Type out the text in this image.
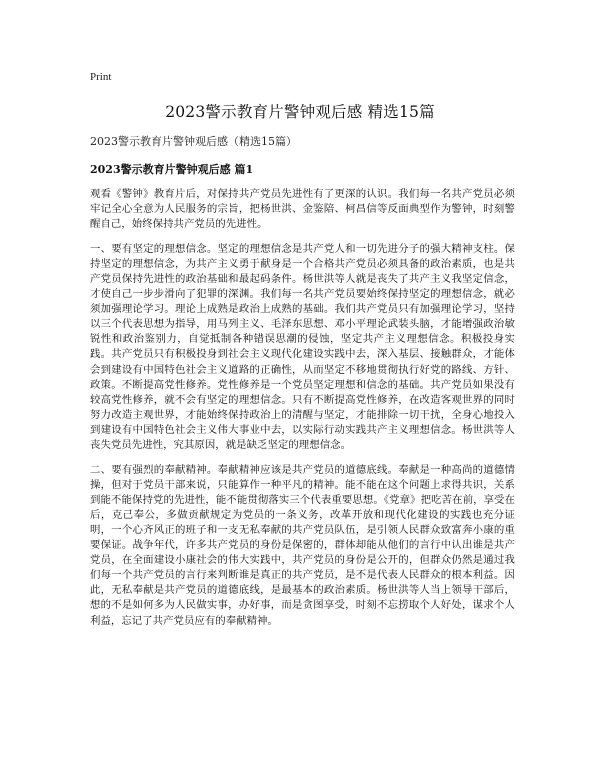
Print
2023警示教育片警钟观后感 精选15篇
2023警示教育片警钟观后感（精选15篇）
2023警示教育片警钟观后感 篇1

观看《警钟》教育片后，对保持共产党员先进性有了更深的认识。我们每一名共产党员必须牢记全心全意为人民服务的宗旨，把杨世洪、金鉴陪、柯昌信等反面典型作为警钟，时刻警醒自己，始终保持共产党员的先进性。

一、要有坚定的理想信念。坚定的理想信念是共产党人和一切先进分子的强大精神支柱。保持坚定的理想信念，为共产主义勇于献身是一个合格共产党员必须具备的政治素质，也是共产党员保持先进性的政治基础和最起码条件。杨世洪等人就是丧失了共产主义我坚定信念，才使自己一步步滑向了犯罪的深渊。我们每一名共产党员要始终保持坚定的理想信念，就必须加强理论学习。理论上成熟是政治上成熟的基础。我们共产党员只有加强理论学习，坚持以三个代表思想为指导，用马列主义、毛泽东思想、邓小平理论武装头脑，才能增强政治敏锐性和政治鉴别力，自觉抵制各种错误思潮的侵蚀，坚定共产主义理想信念。积极投身实践。共产党员只有积极投身到社会主义现代化建设实践中去，深入基层、接触群众，才能体会到建设有中国特色社会主义道路的正确性，从而坚定不移地贯彻执行好党的路线、方针、政策。不断提高党性修养。党性修养是一个党员坚定理想和信念的基础。共产党员如果没有较高党性修养，就不会有坚定的理想信念。只有不断提高党性修养，在改造客观世界的同时努力改造主观世界，才能始终保持政治上的清醒与坚定，才能排除一切干扰，全身心地投入到建设有中国特色社会主义伟大事业中去，以实际行动实践共产主义理想信念。杨世洪等人丧失党员先进性，究其原因，就是缺乏坚定的理想信念。

二、要有强烈的奉献精神。奉献精神应该是共产党员的道德底线。奉献是一种高尚的道德情操，但对于党员干部来说，只能算作一种平凡的精神。能不能在这个问题上求得共识，关系到能不能保持党的先进性，能不能贯彻落实三个代表重要思想。《党章》把吃苦在前，享受在后，克己奉公，多做贡献规定为党员的一条义务，改革开放和现代化建设的实践也充分证明，一个心齐风正的班子和一支无私奉献的共产党员队伍，是引领人民群众致富奔小康的重要保证。战争年代，许多共产党员的身份是保密的，群体却能从他们的言行中认出谁是共产党员，在全面建设小康社会的伟大实践中，共产党员的身份是公开的，但群众仍然是通过我们每一个共产党员的言行来判断谁是真正的共产党员，是不是代表人民群众的根本利益。因此，无私奉献是共产党员的道德底线，是最基本的政治素质。杨世洪等人当上领导干部后，想的不是如何多为人民做实事，办好事，而是贪图享受，时刻不忘捞取个人好处，谋求个人利益，忘记了共产党员应有的奉献精神。
